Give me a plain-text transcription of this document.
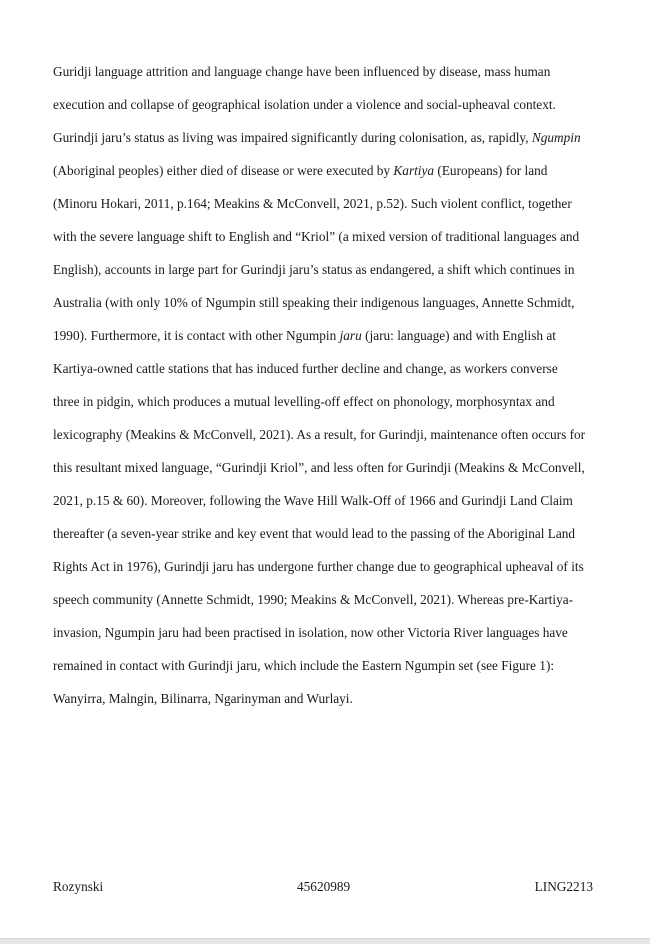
Guridji language attrition and language change have been influenced by disease, mass human
execution and collapse of geographical isolation under a violence and social-upheaval context.
Gurindji jaru’s status as living was impaired significantly during colonisation, as, rapidly, Ngumpin
(Aboriginal peoples) either died of disease or were executed by Kartiya (Europeans) for land
(Minoru Hokari, 2011, p.164; Meakins & McConvell, 2021, p.52). Such violent conflict, together
with the severe language shift to English and “Kriol” (a mixed version of traditional languages and
English), accounts in large part for Gurindji jaru’s status as endangered, a shift which continues in
Australia (with only 10% of Ngumpin still speaking their indigenous languages, Annette Schmidt,
1990). Furthermore, it is contact with other Ngumpin jaru (jaru: language) and with English at
Kartiya-owned cattle stations that has induced further decline and change, as workers converse
three in pidgin, which produces a mutual levelling-off effect on phonology, morphosyntax and
lexicography (Meakins & McConvell, 2021). As a result, for Gurindji, maintenance often occurs for
this resultant mixed language, “Gurindji Kriol”, and less often for Gurindji (Meakins & McConvell,
2021, p.15 & 60). Moreover, following the Wave Hill Walk-Off of 1966 and Gurindji Land Claim
thereafter (a seven-year strike and key event that would lead to the passing of the Aboriginal Land
Rights Act in 1976), Gurindji jaru has undergone further change due to geographical upheaval of its
speech community (Annette Schmidt, 1990; Meakins & McConvell, 2021). Whereas pre-Kartiya-
invasion, Ngumpin jaru had been practised in isolation, now other Victoria River languages have
remained in contact with Gurindji jaru, which include the Eastern Ngumpin set (see Figure 1):
Wanyirra, Malngin, Bilinarra, Ngarinyman and Wurlayi.
Rozynski	45620989	LING2213
